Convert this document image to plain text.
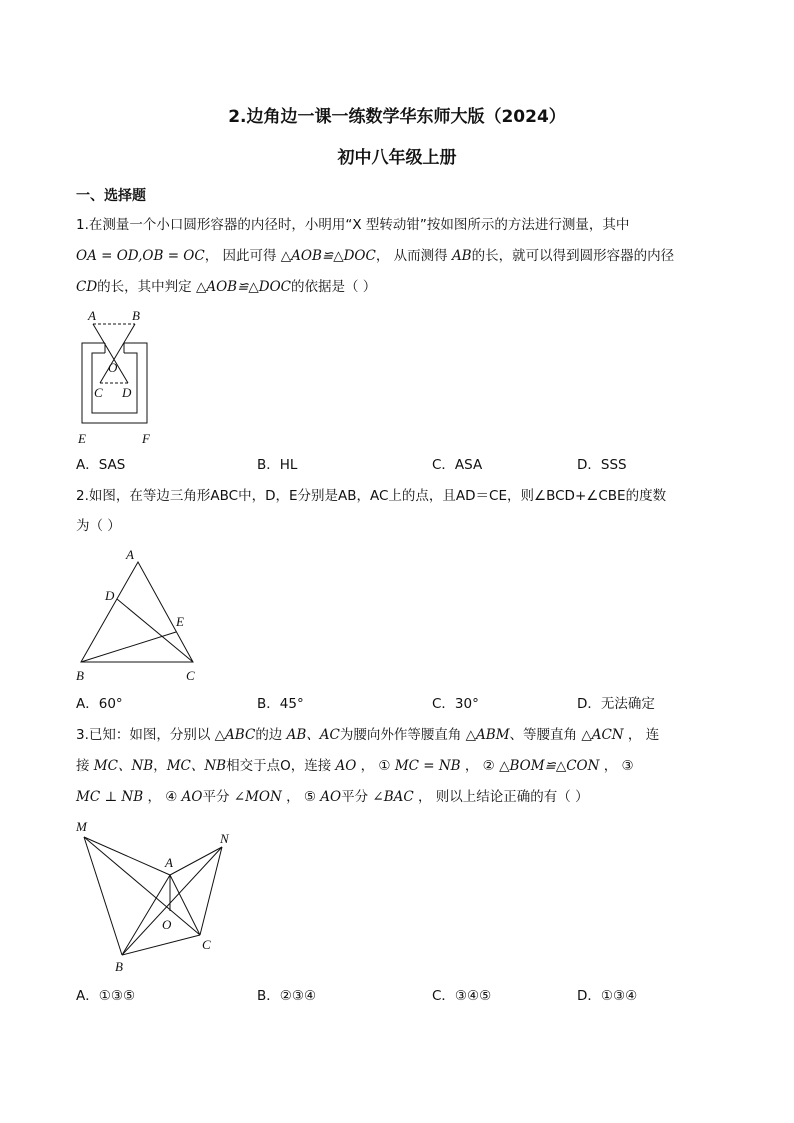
2.边角边一课一练数学华东师大版（2024）
初中八年级上册
一、选择题
1.在测量一个小口圆形容器的内径时，小明用“X 型转动钳”按如图所示的方法进行测量，其中
OA = OD,OB = OC， 因此可得 △AOB≌△DOC， 从而测得 AB的长，就可以得到圆形容器的内径
CD的长，其中判定 △AOB≌△DOC的依据是（ ）
A	B
O
C D
E	F
A．SAS	B．HL	C．ASA	D．SSS
2.如图，在等边三角形ABC中，D，E分别是AB，AC上的点，且AD＝CE，则∠BCD+∠CBE的度数
为（ ）
A
D
E
B	C
A．60°	B．45°	C．30°	D．无法确定
3.已知：如图，分别以 △ABC的边 AB、AC为腰向外作等腰直角 △ABM、等腰直角 △ACN ， 连
接 MC、NB，MC、NB相交于点O，连接 AO ， ① MC = NB ， ② △BOM≌△CON ， ③
MC ⊥ NB ， ④ AO平分 ∠MON ， ⑤ AO平分 ∠BAC ， 则以上结论正确的有（ ）
M
A
N
O
C
B
A．①③⑤	B．②③④	C．③④⑤	D．①③④
